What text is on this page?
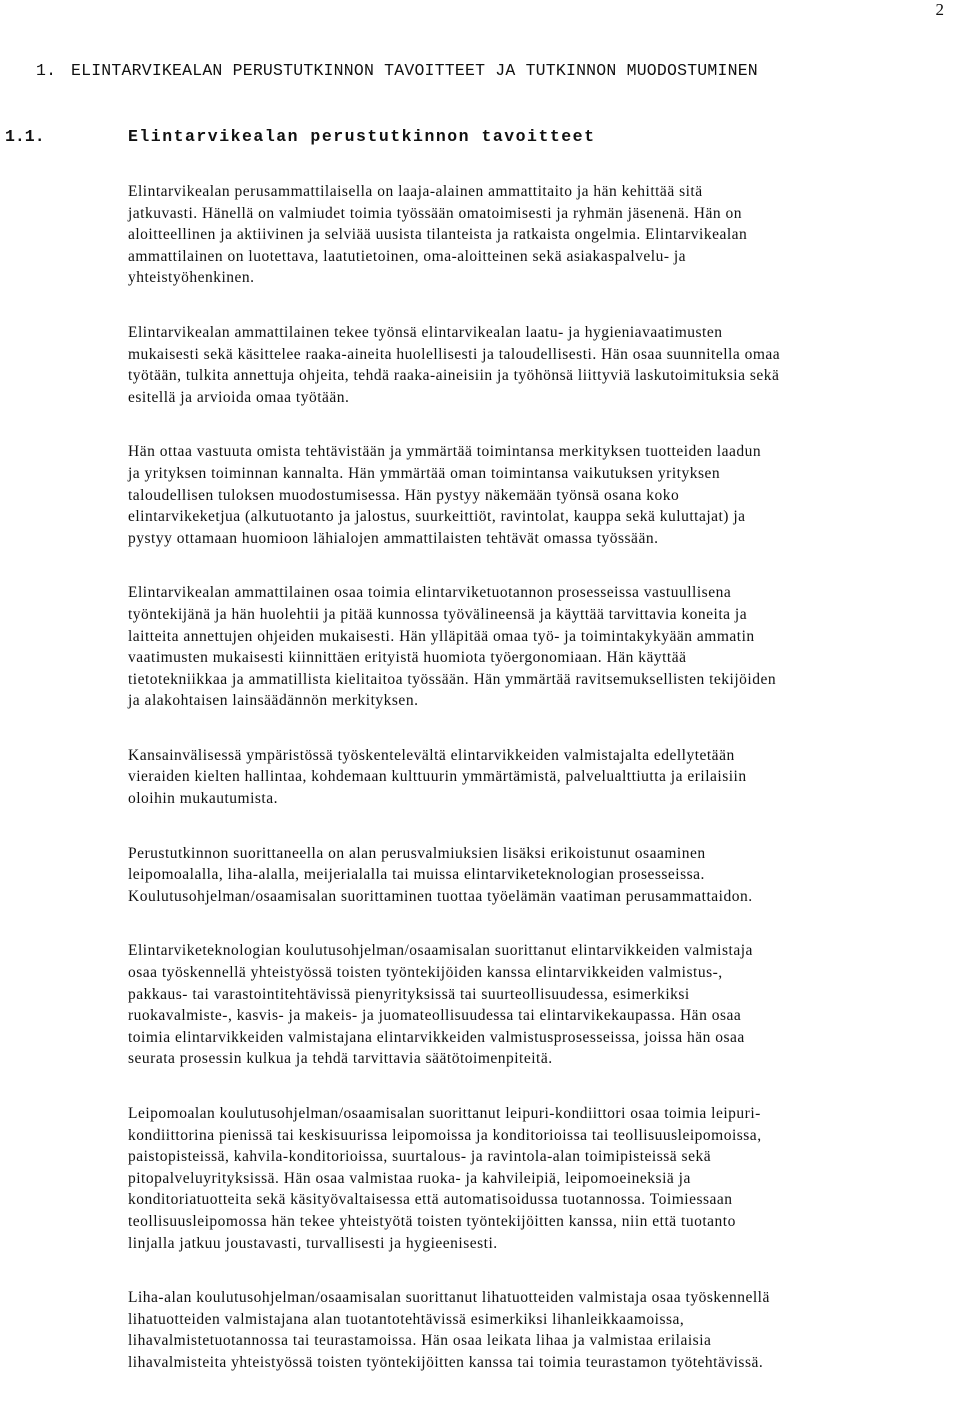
2
1. ELINTARVIKEALAN PERUSTUTKINNON TAVOITTEET JA TUTKINNON MUODOSTUMINEN
1.1.	Elintarvikealan perustutkinnon tavoitteet

Elintarvikealan perusammattilaisella on laaja-alainen ammattitaito ja hän kehittää sitä
jatkuvasti. Hänellä on valmiudet toimia työssään omatoimisesti ja ryhmän jäsenenä. Hän on
aloitteellinen ja aktiivinen ja selviää uusista tilanteista ja ratkaista ongelmia. Elintarvikealan
ammattilainen on luotettava, laatutietoinen, oma-aloitteinen sekä asiakaspalvelu- ja
yhteistyöhenkinen.

Elintarvikealan ammattilainen tekee työnsä elintarvikealan laatu- ja hygieniavaatimusten
mukaisesti sekä käsittelee raaka-aineita huolellisesti ja taloudellisesti. Hän osaa suunnitella omaa
työtään, tulkita annettuja ohjeita, tehdä raaka-aineisiin ja työhönsä liittyviä laskutoimituksia sekä
esitellä ja arvioida omaa työtään.

Hän ottaa vastuuta omista tehtävistään ja ymmärtää toimintansa merkityksen tuotteiden laadun
ja yrityksen toiminnan kannalta. Hän ymmärtää oman toimintansa vaikutuksen yrityksen
taloudellisen tuloksen muodostumisessa. Hän pystyy näkemään työnsä osana koko
elintarvikeketjua (alkutuotanto ja jalostus, suurkeittiöt, ravintolat, kauppa sekä kuluttajat) ja
pystyy ottamaan huomioon lähialojen ammattilaisten tehtävät omassa työssään.

Elintarvikealan ammattilainen osaa toimia elintarviketuotannon prosesseissa vastuullisena
työntekijänä ja hän huolehtii ja pitää kunnossa työvälineensä ja käyttää tarvittavia koneita ja
laitteita annettujen ohjeiden mukaisesti. Hän ylläpitää omaa työ- ja toimintakykyään ammatin
vaatimusten mukaisesti kiinnittäen erityistä huomiota työergonomiaan. Hän käyttää
tietotekniikkaa ja ammatillista kielitaitoa työssään. Hän ymmärtää ravitsemuksellisten tekijöiden
ja alakohtaisen lainsäädännön merkityksen.

Kansainvälisessä ympäristössä työskentelevältä elintarvikkeiden valmistajalta edellytetään
vieraiden kielten hallintaa, kohdemaan kulttuurin ymmärtämistä, palvelualttiutta ja erilaisiin
oloihin mukautumista.

Perustutkinnon suorittaneella on alan perusvalmiuksien lisäksi erikoistunut osaaminen
leipomoalalla, liha-alalla, meijerialalla tai muissa elintarviketeknologian prosesseissa.
Koulutusohjelman/osaamisalan suorittaminen tuottaa työelämän vaatiman perusammattaidon.

Elintarviketeknologian koulutusohjelman/osaamisalan suorittanut elintarvikkeiden valmistaja
osaa työskennellä yhteistyössä toisten työntekijöiden kanssa elintarvikkeiden valmistus-,
pakkaus- tai varastointitehtävissä pienyrityksissä tai suurteollisuudessa, esimerkiksi
ruokavalmiste-, kasvis- ja makeis- ja juomateollisuudessa tai elintarvikekaupassa. Hän osaa
toimia elintarvikkeiden valmistajana elintarvikkeiden valmistusprosesseissa, joissa hän osaa
seurata prosessin kulkua ja tehdä tarvittavia säätötoimenpiteitä.

Leipomoalan koulutusohjelman/osaamisalan suorittanut leipuri-kondiittori osaa toimia leipuri-
kondiittorina pienissä tai keskisuurissa leipomoissa ja konditorioissa tai teollisuusleipomoissa,
paistopisteissä, kahvila-konditorioissa, suurtalous- ja ravintola-alan toimipisteissä sekä
pitopalveluyrityksissä. Hän osaa valmistaa ruoka- ja kahvileipiä, leipomoeineksiä ja
konditoriatuotteita sekä käsityövaltaisessa että automatisoidussa tuotannossa. Toimiessaan
teollisuusleipomossa hän tekee yhteistyötä toisten työntekijöitten kanssa, niin että tuotanto
linjalla jatkuu joustavasti, turvallisesti ja hygieenisesti.

Liha-alan koulutusohjelman/osaamisalan suorittanut lihatuotteiden valmistaja osaa työskennellä
lihatuotteiden valmistajana alan tuotantotehtävissä esimerkiksi lihanleikkaamoissa,
lihavalmistetuotannossa tai teurastamoissa. Hän osaa leikata lihaa ja valmistaa erilaisia
lihavalmisteita yhteistyössä toisten työntekijöitten kanssa tai toimia teurastamon työtehtävissä.
